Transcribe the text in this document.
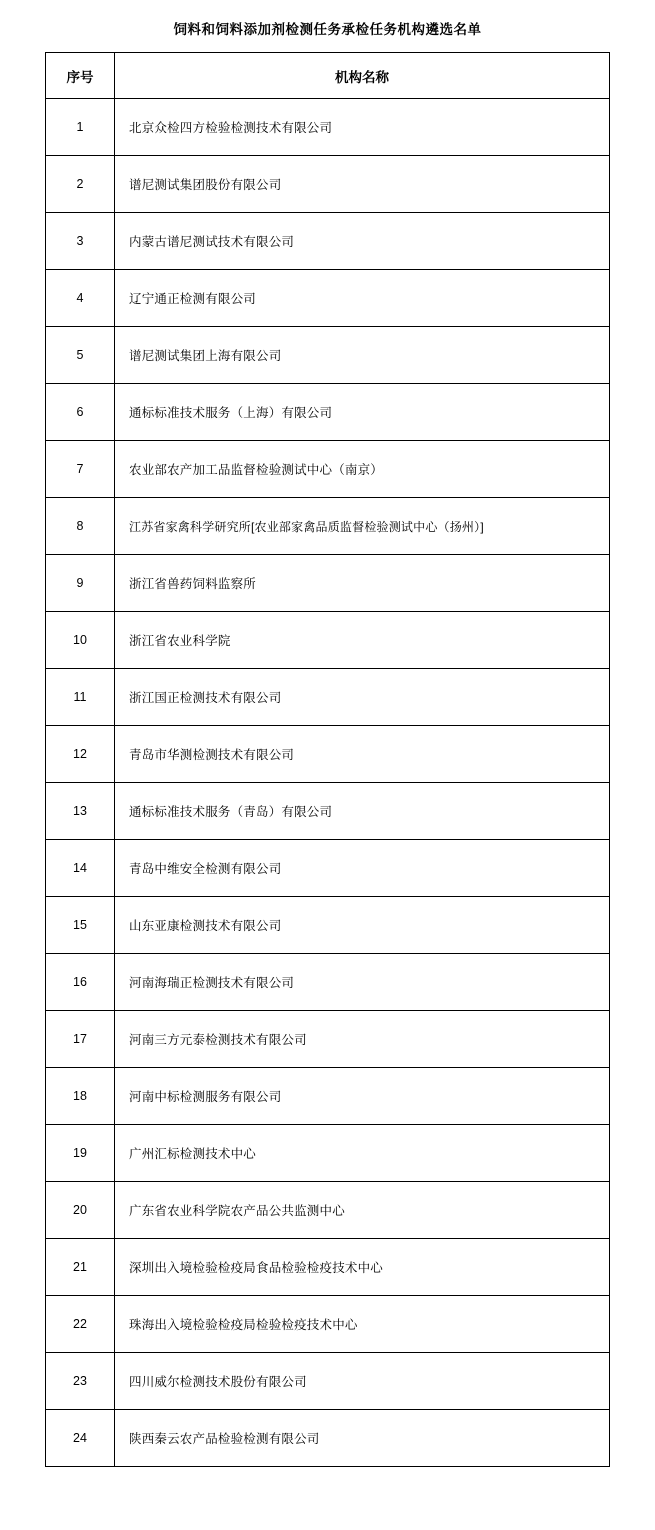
饲料和饲料添加剂检测任务承检任务机构遴选名单
序号	机构名称
1	北京众检四方检验检测技术有限公司
2	谱尼测试集团股份有限公司
3	内蒙古谱尼测试技术有限公司
4	辽宁通正检测有限公司
5	谱尼测试集团上海有限公司
6	通标标准技术服务（上海）有限公司
7	农业部农产加工品监督检验测试中心（南京）
8	江苏省家禽科学研究所[农业部家禽品质监督检验测试中心（扬州）]
9	浙江省兽药饲料监察所
10	浙江省农业科学院
11	浙江国正检测技术有限公司
12	青岛市华测检测技术有限公司
13	通标标准技术服务（青岛）有限公司
14	青岛中维安全检测有限公司
15	山东亚康检测技术有限公司
16	河南海瑞正检测技术有限公司
17	河南三方元泰检测技术有限公司
18	河南中标检测服务有限公司
19	广州汇标检测技术中心
20	广东省农业科学院农产品公共监测中心
21	深圳出入境检验检疫局食品检验检疫技术中心
22	珠海出入境检验检疫局检验检疫技术中心
23	四川威尔检测技术股份有限公司
24	陕西秦云农产品检验检测有限公司
